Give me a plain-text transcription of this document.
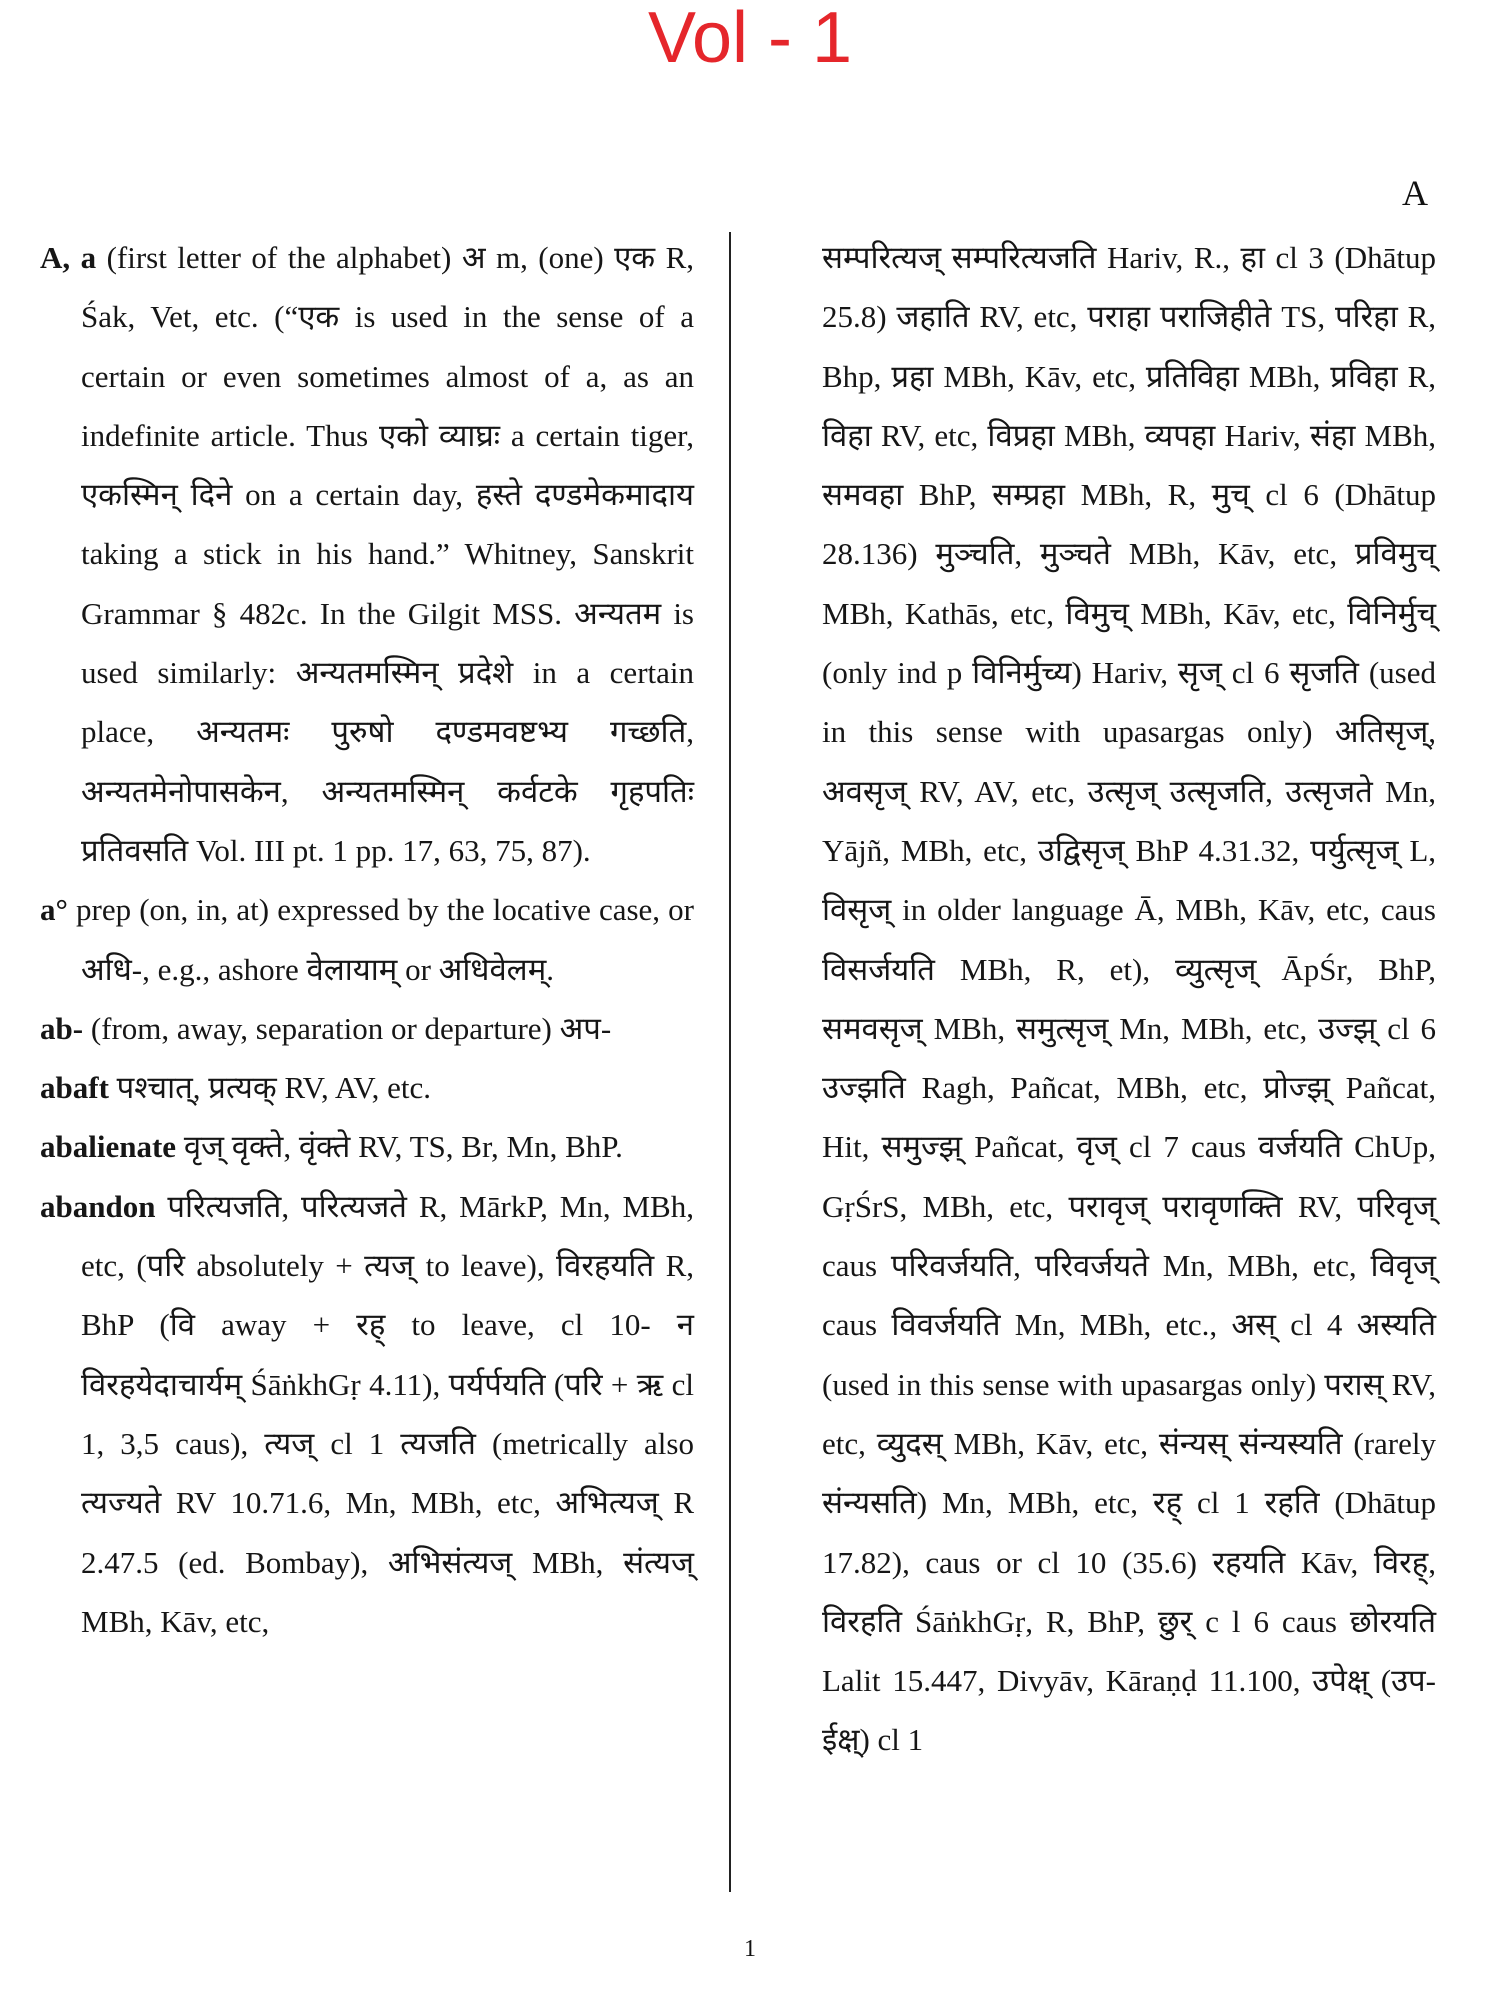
Vol - 1
A

A, a (first letter of the alphabet) अ m, (one) एक R, Śak, Vet, etc. (“एक is used in the sense of a certain or even sometimes almost of a, as an indefinite article. Thus एको व्याघ्रः a certain tiger, एकस्मिन् दिने on a certain day, हस्ते दण्डमेकमादाय taking a stick in his hand.” Whitney, Sanskrit Grammar § 482c. In the Gilgit MSS. अन्यतम is used similarly: अन्यतमस्मिन् प्रदेशे in a certain place, अन्यतमः पुरुषो दण्डमवष्टभ्य गच्छति, अन्यतमेनोपासकेन, अन्यतमस्मिन् कर्वटके गृहपतिः प्रतिवसति Vol. III pt. 1 pp. 17, 63, 75, 87).

a° prep (on, in, at) expressed by the locative case, or अधि-, e.g., ashore वेलायाम् or अधिवेलम्.

ab- (from, away, separation or departure) अप-

abaft पश्चात्, प्रत्यक् RV, AV, etc.

abalienate वृज् वृक्ते, वृंक्ते RV, TS, Br, Mn, BhP.

abandon परित्यजति, परित्यजते R, MārkP, Mn, MBh, etc, (परि absolutely + त्यज् to leave), विरहयति R, BhP (वि away + रह् to leave, cl 10- न विरहयेदाचार्यम् ŚāṅkhGṛ 4.11), पर्यर्पयति (परि + ऋ cl 1, 3,5 caus), त्यज् cl 1 त्यजति (metrically also त्यज्यते RV 10.71.6, Mn, MBh, etc, अभित्यज् R 2.47.5 (ed. Bombay), अभिसंत्यज् MBh, संत्यज् MBh, Kāv, etc,

सम्परित्यज् सम्परित्यजति Hariv, R., हा cl 3 (Dhātup 25.8) जहाति RV, etc, पराहा पराजिहीते TS, परिहा R, Bhp, प्रहा MBh, Kāv, etc, प्रतिविहा MBh, प्रविहा R, विहा RV, etc, विप्रहा MBh, व्यपहा Hariv, संहा MBh, समवहा BhP, सम्प्रहा MBh, R, मुच् cl 6 (Dhātup 28.136) मुञ्चति, मुञ्चते MBh, Kāv, etc, प्रविमुच् MBh, Kathās, etc, विमुच् MBh, Kāv, etc, विनिर्मुच् (only ind p विनिर्मुच्य) Hariv, सृज् cl 6 सृजति (used in this sense with upasargas only) अतिसृज्, अवसृज् RV, AV, etc, उत्सृज् उत्सृजति, उत्सृजते Mn, Yājñ, MBh, etc, उद्विसृज् BhP 4.31.32, पर्युत्सृज् L, विसृज् in older language Ā, MBh, Kāv, etc, caus विसर्जयति MBh, R, et), व्युत्सृज् ĀpŚr, BhP, समवसृज् MBh, समुत्सृज् Mn, MBh, etc, उज्झ् cl 6 उज्झति Ragh, Pañcat, MBh, etc, प्रोज्झ् Pañcat, Hit, समुज्झ् Pañcat, वृज् cl 7 caus वर्जयति ChUp, GṛŚrS, MBh, etc, परावृज् परावृणक्ति RV, परिवृज् caus परिवर्जयति, परिवर्जयते Mn, MBh, etc, विवृज् caus विवर्जयति Mn, MBh, etc., अस् cl 4 अस्यति (used in this sense with upasargas only) परास् RV, etc, व्युदस् MBh, Kāv, etc, संन्यस् संन्यस्यति (rarely संन्यसति) Mn, MBh, etc, रह् cl 1 रहति (Dhātup 17.82), caus or cl 10 (35.6) रहयति Kāv, विरह्, विरहति ŚāṅkhGṛ, R, BhP, छुर् c l 6 caus छोरयति Lalit 15.447, Divyāv, Kāraṇḍ 11.100, उपेक्ष् (उप-ईक्ष्) cl 1

1
